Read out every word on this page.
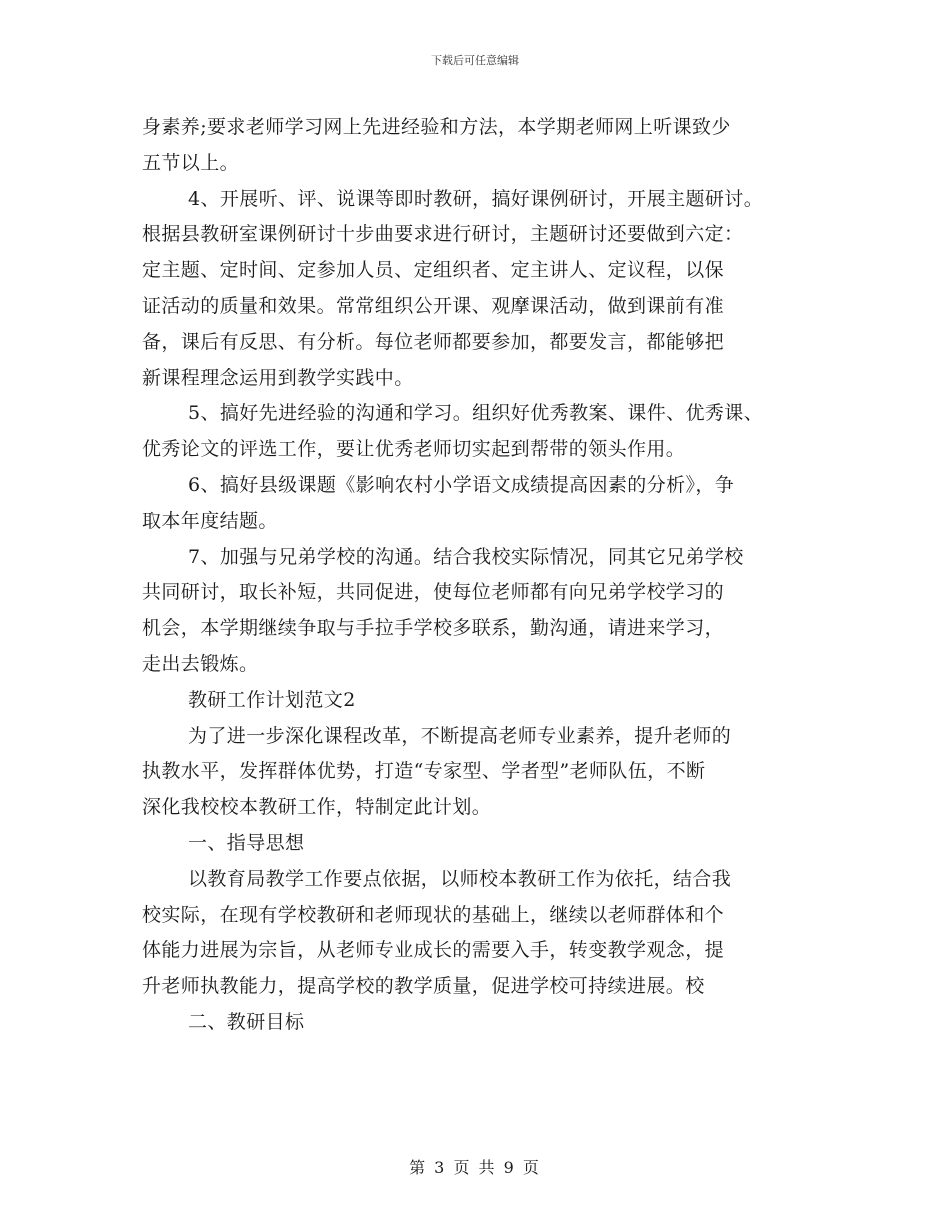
下载后可任意编辑
身素养;要求老师学习网上先进经验和方法，本学期老师网上听课致少
五节以上。
4、开展听、评、说课等即时教研，搞好课例研讨，开展主题研讨。
根据县教研室课例研讨十步曲要求进行研讨，主题研讨还要做到六定：
定主题、定时间、定参加人员、定组织者、定主讲人、定议程，以保
证活动的质量和效果。常常组织公开课、观摩课活动，做到课前有准
备，课后有反思、有分析。每位老师都要参加，都要发言，都能够把
新课程理念运用到教学实践中。
5、搞好先进经验的沟通和学习。组织好优秀教案、课件、优秀课、
优秀论文的评选工作，要让优秀老师切实起到帮带的领头作用。
6、搞好县级课题《影响农村小学语文成绩提高因素的分析》，争
取本年度结题。
7、加强与兄弟学校的沟通。结合我校实际情况，同其它兄弟学校
共同研讨，取长补短，共同促进，使每位老师都有向兄弟学校学习的
机会，本学期继续争取与手拉手学校多联系，勤沟通，请进来学习，
走出去锻炼。
教研工作计划范文2
为了进一步深化课程改革，不断提高老师专业素养，提升老师的
执教水平，发挥群体优势，打造“专家型、学者型”老师队伍，不断
深化我校校本教研工作，特制定此计划。
一、指导思想
以教育局教学工作要点依据，以师校本教研工作为依托，结合我
校实际，在现有学校教研和老师现状的基础上，继续以老师群体和个
体能力进展为宗旨，从老师专业成长的需要入手，转变教学观念，提
升老师执教能力，提高学校的教学质量，促进学校可持续进展。校
二、教研目标
第 3 页 共 9 页
